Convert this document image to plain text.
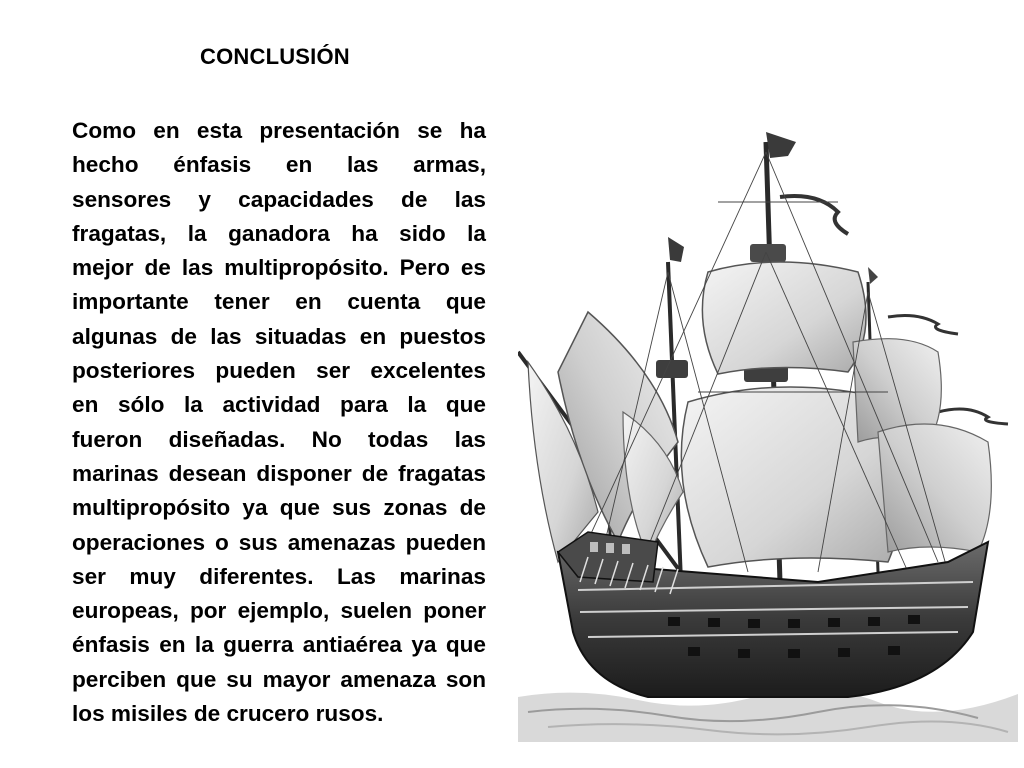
CONCLUSIÓN
Como en esta presentación se ha
hecho énfasis en las armas,
sensores y capacidades de las
fragatas, la ganadora ha sido la
mejor de las multipropósito. Pero es
importante tener en cuenta que
algunas de las situadas en puestos
posteriores pueden ser excelentes
en sólo la actividad para la que
fueron diseñadas. No todas las
marinas desean disponer de fragatas
multipropósito ya que sus zonas de
operaciones o sus amenazas pueden
ser muy diferentes. Las marinas
europeas, por ejemplo, suelen poner
énfasis en la guerra antiaérea ya que
perciben que su mayor amenaza son
los misiles de crucero rusos.
